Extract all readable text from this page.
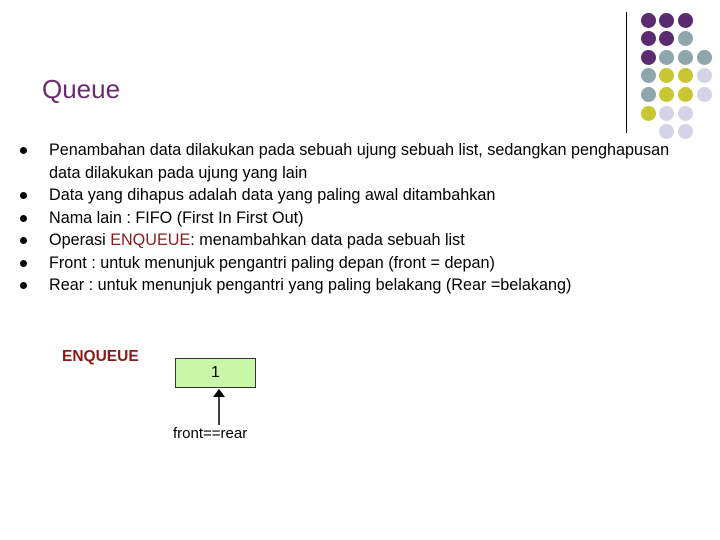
Queue
Penambahan data dilakukan pada sebuah ujung sebuah list, sedangkan penghapusan data dilakukan pada ujung yang lain
Data yang dihapus adalah data yang paling awal ditambahkan
Nama lain : FIFO (First In First Out)
Operasi ENQUEUE: menambahkan data pada sebuah list
Front : untuk menunjuk pengantri paling depan (front = depan)
Rear : untuk menunjuk pengantri yang paling belakang (Rear =belakang)
ENQUEUE
1
front==rear
